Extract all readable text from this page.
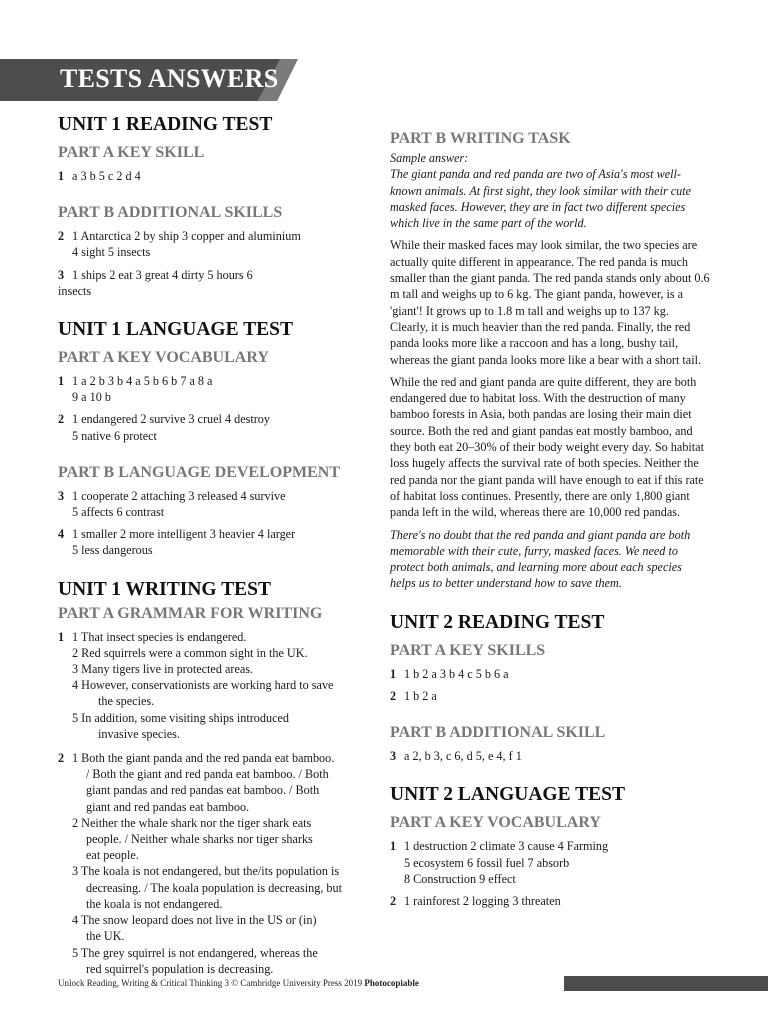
TESTS ANSWERS
UNIT 1 READING TEST
PART A KEY SKILL

1 a 3 b 5 c 2 d 4

PART B ADDITIONAL SKILLS

2 1 Antarctica 2 by ship 3 copper and aluminium

4 sight 5 insects

3 1 ships 2 eat 3 great 4 dirty 5 hours 6

insects

UNIT 1 LANGUAGE TEST
PART A KEY VOCABULARY

1 1 a 2 b 3 b 4 a 5 b 6 b 7 a 8 a

9 a 10 b

2 1 endangered 2 survive 3 cruel 4 destroy

5 native 6 protect

PART B LANGUAGE DEVELOPMENT

3 1 cooperate 2 attaching 3 released 4 survive

5 affects 6 contrast

4 1 smaller 2 more intelligent 3 heavier 4 larger

5 less dangerous

UNIT 1 WRITING TEST
PART A GRAMMAR FOR WRITING

1 1 That insect species is endangered.

2 Red squirrels were a common sight in the UK.

3 Many tigers live in protected areas.

4 However, conservationists are working hard to save

the species.

5 In addition, some visiting ships introduced

invasive species.

2 1 Both the giant panda and the red panda eat bamboo.

/ Both the giant and red panda eat bamboo. / Both

giant pandas and red pandas eat bamboo. / Both

giant and red pandas eat bamboo.

2 Neither the whale shark nor the tiger shark eats

people. / Neither whale sharks nor tiger sharks

eat people.

3 The koala is not endangered, but the/its population is

decreasing. / The koala population is decreasing, but

the koala is not endangered.

4 The snow leopard does not live in the US or (in)

the UK.

5 The grey squirrel is not endangered, whereas the

red squirrel's population is decreasing.

PART B WRITING TASK

Sample answer:

The giant panda and red panda are two of Asia's most well-known animals. At first sight, they look similar with their cute masked faces. However, they are in fact two different species which live in the same part of the world.

While their masked faces may look similar, the two species are actually quite different in appearance. The red panda is much smaller than the giant panda. The red panda stands only about 0.6 m tall and weighs up to 6 kg. The giant panda, however, is a 'giant'! It grows up to 1.8 m tall and weighs up to 137 kg. Clearly, it is much heavier than the red panda. Finally, the red panda looks more like a raccoon and has a long, bushy tail, whereas the giant panda looks more like a bear with a short tail.

While the red and giant panda are quite different, they are both endangered due to habitat loss. With the destruction of many bamboo forests in Asia, both pandas are losing their main diet source. Both the red and giant pandas eat mostly bamboo, and they both eat 20–30% of their body weight every day. So habitat loss hugely affects the survival rate of both species. Neither the red panda nor the giant panda will have enough to eat if this rate of habitat loss continues. Presently, there are only 1,800 giant panda left in the wild, whereas there are 10,000 red pandas.

There's no doubt that the red panda and giant panda are both memorable with their cute, furry, masked faces. We need to protect both animals, and learning more about each species helps us to better understand how to save them.

UNIT 2 READING TEST
PART A KEY SKILLS

1 1 b 2 a 3 b 4 c 5 b 6 a

2 1 b 2 a

PART B ADDITIONAL SKILL

3 a 2, b 3, c 6, d 5, e 4, f 1

UNIT 2 LANGUAGE TEST
PART A KEY VOCABULARY

1 1 destruction 2 climate 3 cause 4 Farming

5 ecosystem 6 fossil fuel 7 absorb

8 Construction 9 effect

2 1 rainforest 2 logging 3 threaten

Unlock Reading, Writing & Critical Thinking 3 © Cambridge University Press 2019 Photocopiable
